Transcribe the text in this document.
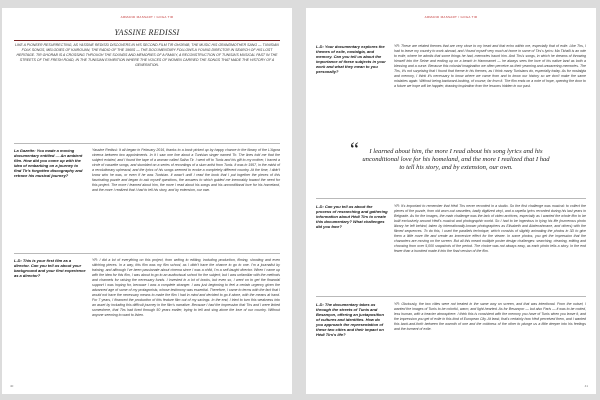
ARMAND MASSART / GOGA TIR
YASSINE REDISSI
LIKE A PIONEER RESURRECTING, AS YASSINE REDISSI DISCOVERS IN HIS SECOND FILM TIR GHORAB, THE MUSIC HIS GRANDMOTHER SANG — TUNISIAN FOLK SONGS, MELODIES OF KAIROUAN, THE RADIO OF THE 1960S — THE DOCUMENTARY FOLLOWS A YOUNG DIRECTOR IN SEARCH OF HIS LOST HERITAGE. TIR GHORAB IS A CROSSING THROUGH THE SOUNDS AND MEMORIES OF A FAMILY, A RECONSTRUCTION OF TUNISIA'S MUSICAL PAST IN THE STREETS OF THE FRESH ROAD, IN THE TUNISIAN EXHIBITION WHERE THE VOICES OF WOMEN CARRIED THE SONGS THAT MADE THE HISTORY OF A GENERATION.
La Gazette: You made a moving documentary entitled — An ambient film. How did you come up with the idea of embarking on a journey to find Tir's forgotten discography and retrace his musical journey?
Yassine Redissi: It all began in February 2016, thanks to a book picked up by happy chance in the library of the L'Agora cinema between two appointments. In it I saw one line about a Tunisian singer named Tir. The lines told me that the subject existed, and I found the tape of a woman called Salha Tir. I went off to Tunis and his gift to my mother, I traced a circle of cassette songs, and stumbled on a series of recordings of a slum artist from Tunis. It was in 1957, in the midst of a revolutionary upheaval, and the lyrics of his songs seemed to evoke a completely different country. At the time, I didn't know who he was, or even if he was Tunisian. It wasn't until I read the book that I put together the pieces of this fascinating puzzle and began to ask myself questions, the answers to which guided me inexorably toward the need for this project. The more I learned about him, the more I read about his songs and his unconditional love for his homeland, and the more I realized that I had to tell his story, and by extension, our own.
L.D: This is your first film as a director. Can you tell us about your background and your first experience as a director?
YR: I did a lot of everything on this project, from writing to editing, including production, filming, shooting and even stitching pieces. In a way, this film was my film school, as I didn't have the chance to go to one. I'm a journalist by training, and although I've been passionate about cinema since I was a child, I'm a self-taught director. When I came up with the idea for this film, I was about to go to an audiovisual school for the subject, but I was unfamiliar with the methods and channels for raising the necessary funds. I invested in a lot of books, but even so, I went on to get the financial support I was hoping for, because I was a complete stranger. I was just beginning to feel a certain urgency given the advanced age of some of my protagonists, whose testimony was essential. Therefore, I came to terms with the fact that I would not have the necessary means to make the film I had in mind and decided to go it alone, with the means at hand. For 7 years, I financed the production of this feature film out of my savings. In the end, I tried to turn this weakness into an asset by including this difficult journey in the film's narrative. Because I had the impression that Tirs and I were linked somewhere, that Tirs had lived through 50 years earlier, trying to tell and sing alone the love of our country. Without anyone seeming to want to listen.
40
ARMAND MASSART / GOGA TIR
L.D: Your documentary explores the themes of exile, nostalgia, and memory. Can you tell us about the importance of these subjects in your work and what they mean to you personally?
YR: These are related themes that are very close to my heart and that echo within me, especially that of exile. Like Tirs, I had to leave my country to work abroad, and I found myself very much at home in some of Tirs's lyrics: Ma Tkhalli is an ode to exile, where he admits that some things he had, memories haunt him. And Tirs's songs, in which he dreams of throwing himself into the Seine and ending up on a beach in Hammamet — he always sees the love of his native land as both a blessing and a curse. Because this colonial imagination we often perceive as their yearning and unwavering memories. The Tirs, it's not surprising that I found that theme in his themes, as I think many Tunisians do, especially today. As for nostalgia and memory, I think it's necessary to know where we came from and to know our history so we don't make the same mistakes again. Without being backward-looking, of course, far from it. The film ends on a note of hope, opening the door to a future we hope will be happier, drawing inspiration from the lessons hidden in our past.
“	I learned about him, the more I read about his song lyrics and his unconditional love for his homeland, and the more I realized that I had to tell his story, and by extension, our own.
L.D: Can you tell us about the process of researching and gathering information about Hédi Tirs to create this documentary? What challenges did you face?
YR: It's important to remember that Hédi Tirs never recorded in a studio. So the first challenge was musical: to collect the pieces of the puzzle, from old worn-out cassettes, badly digitized vinyl, and a capella lyrics recorded during his last years in Belgrade. As for the images, the main challenge was the lack of video archives, especially as I wanted the whole film to be built exclusively around Hédi's musical and photographic world. So I had to be ingenious in tying his life (numerous photo library he left behind, taken by internationally-known photographers as Elisabeth and Abderrahmane, and others) with the filmed sequences. To do this, I used the parallels technique, which consists of slightly animating the photos in 3D to give them a little more life and create an immersive effect for the viewer. In some photos, you get the impression that the characters are moving on the screen. But all this meant multiple poster design challenges: searching, cleaning, editing and choosing from over 5,000 snapshots of the period. The choice was not always easy, as each photo tells a story. In the end fewer than a hundred made it into the final version of the film.
L.D: The documentary takes us through the streets of Tunis and Besançon, offering an juxtaposition of cultures and identities. How do you approach the representation of these two cities and their impact on Hédi Tirs's life?
YR: Obviously, the two cities were not treated in the same way on screen, and that was intentional. From the outset, I wanted the images of Tunis to be colorful, warm, and light-hearted. As for Besançon — but also Paris — it was to be coded, less human, with a heavier atmosphere. I think this is consistent with the memory you have of Tunis when you leave it, and the impression you get of exile in this kind of European City. At least, that's certainly how Hédi perceived them, and I wanted this back-and-forth between the warmth of one and the coldness of the other to plunge us a little deeper into his feelings and the torment of exile.
41
